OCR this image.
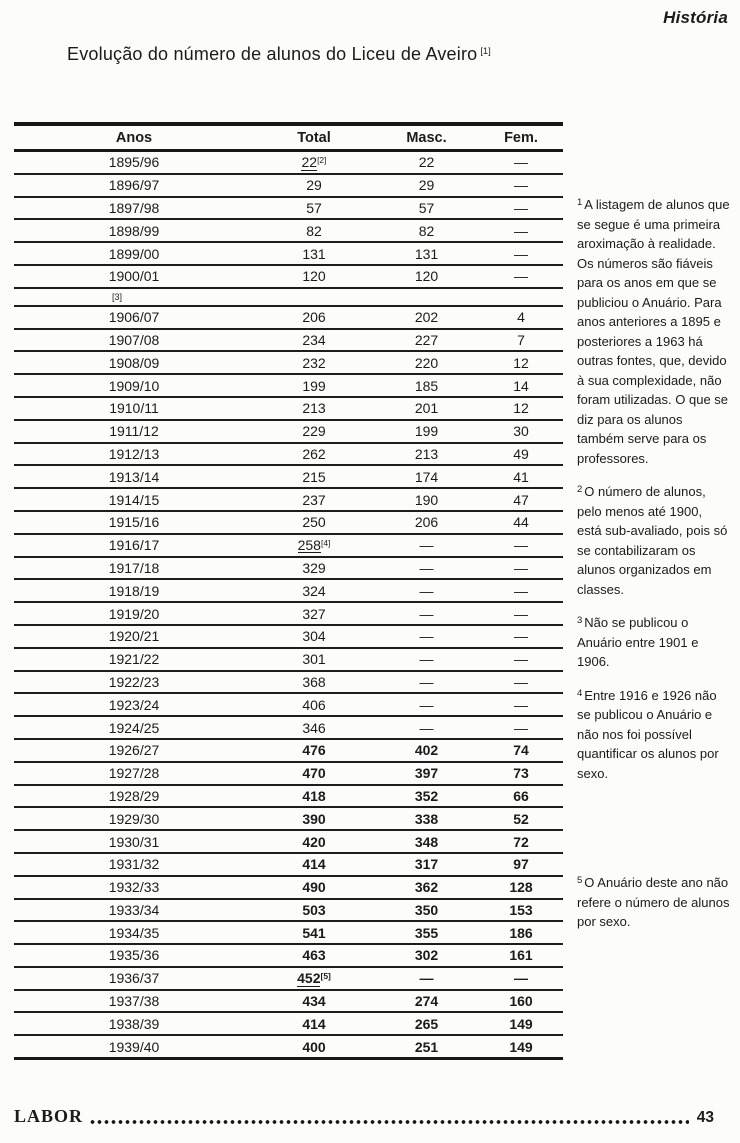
História
Evolução do número de alunos do Liceu de Aveiro [1]
Anos	Total	Masc.	Fem.
1895/96	22[2]	22	—
1896/97	29	29	—
1897/98	57	57	—
1898/99	82	82	—
1899/00	131	131	—
1900/01	120	120	—
[3]			
1906/07	206	202	4
1907/08	234	227	7
1908/09	232	220	12
1909/10	199	185	14
1910/11	213	201	12
1911/12	229	199	30
1912/13	262	213	49
1913/14	215	174	41
1914/15	237	190	47
1915/16	250	206	44
1916/17	258[4]	—	—
1917/18	329	—	—
1918/19	324	—	—
1919/20	327	—	—
1920/21	304	—	—
1921/22	301	—	—
1922/23	368	—	—
1923/24	406	—	—
1924/25	346	—	—
1926/27	476	402	74
1927/28	470	397	73
1928/29	418	352	66
1929/30	390	338	52
1930/31	420	348	72
1931/32	414	317	97
1932/33	490	362	128
1933/34	503	350	153
1934/35	541	355	186
1935/36	463	302	161
1936/37	452[5]	—	—
1937/38	434	274	160
1938/39	414	265	149
1939/40	400	251	149
$^1$ A listagem de alunos que se segue é uma primeira aroximação à realidade. Os números são fiáveis para os anos em que se publiciou o Anuário. Para anos anteriores a 1895 e posteriores a 1963 há outras fontes, que, devido à sua complexidade, não foram utilizadas. O que se diz para os alunos também serve para os professores.
$^2$ O número de alunos, pelo menos até 1900, está sub-avaliado, pois só se contabilizaram os alunos organizados em classes.
$^3$ Não se publicou o Anuário entre 1901 e 1906.
$^4$ Entre 1916 e 1926 não se publicou o Anuário e não nos foi possível quantificar os alunos por sexo.
$^5$ O Anuário deste ano não refere o número de alunos por sexo.
LABOR	43
